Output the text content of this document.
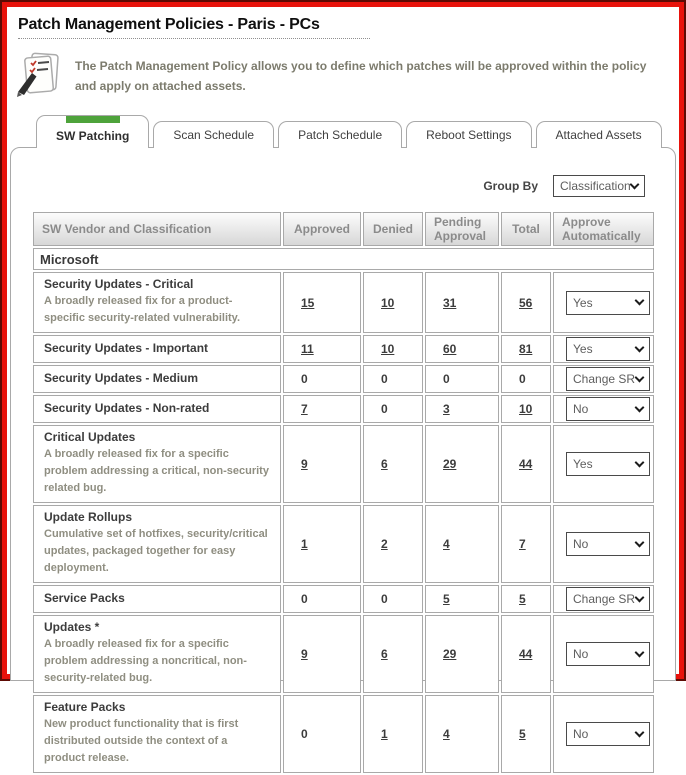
Patch Management Policies - Paris - PCs
The Patch Management Policy allows you to define which patches will be approved within the policy and apply on attached assets.
SW Patching	Scan Schedule	Patch Schedule	Reboot Settings	Attached Assets
Group By Classification
SW Vendor and Classification	Approved	Denied	Pending Approval	Total	Approve Automatically
Microsoft					

Security Updates - Critical
A broadly released fix for a product-specific security-related vulnerability.	15	10	31	56	Yes

Security Updates - Important	11	10	60	81	Yes

Security Updates - Medium	0	0	0	0	Change SR

Security Updates - Non-rated	7	0	3	10	No

Critical Updates
A broadly released fix for a specific problem addressing a critical, non-security related bug.	9	6	29	44	Yes

Update Rollups
Cumulative set of hotfixes, security/critical updates, packaged together for easy deployment.	1	2	4	7	No

Service Packs	0	0	5	5	Change SR

Updates *
A broadly released fix for a specific problem addressing a noncritical, non-security-related bug.	9	6	29	44	No

Feature Packs
New product functionality that is first distributed outside the context of a product release.	0	1	4	5	No
